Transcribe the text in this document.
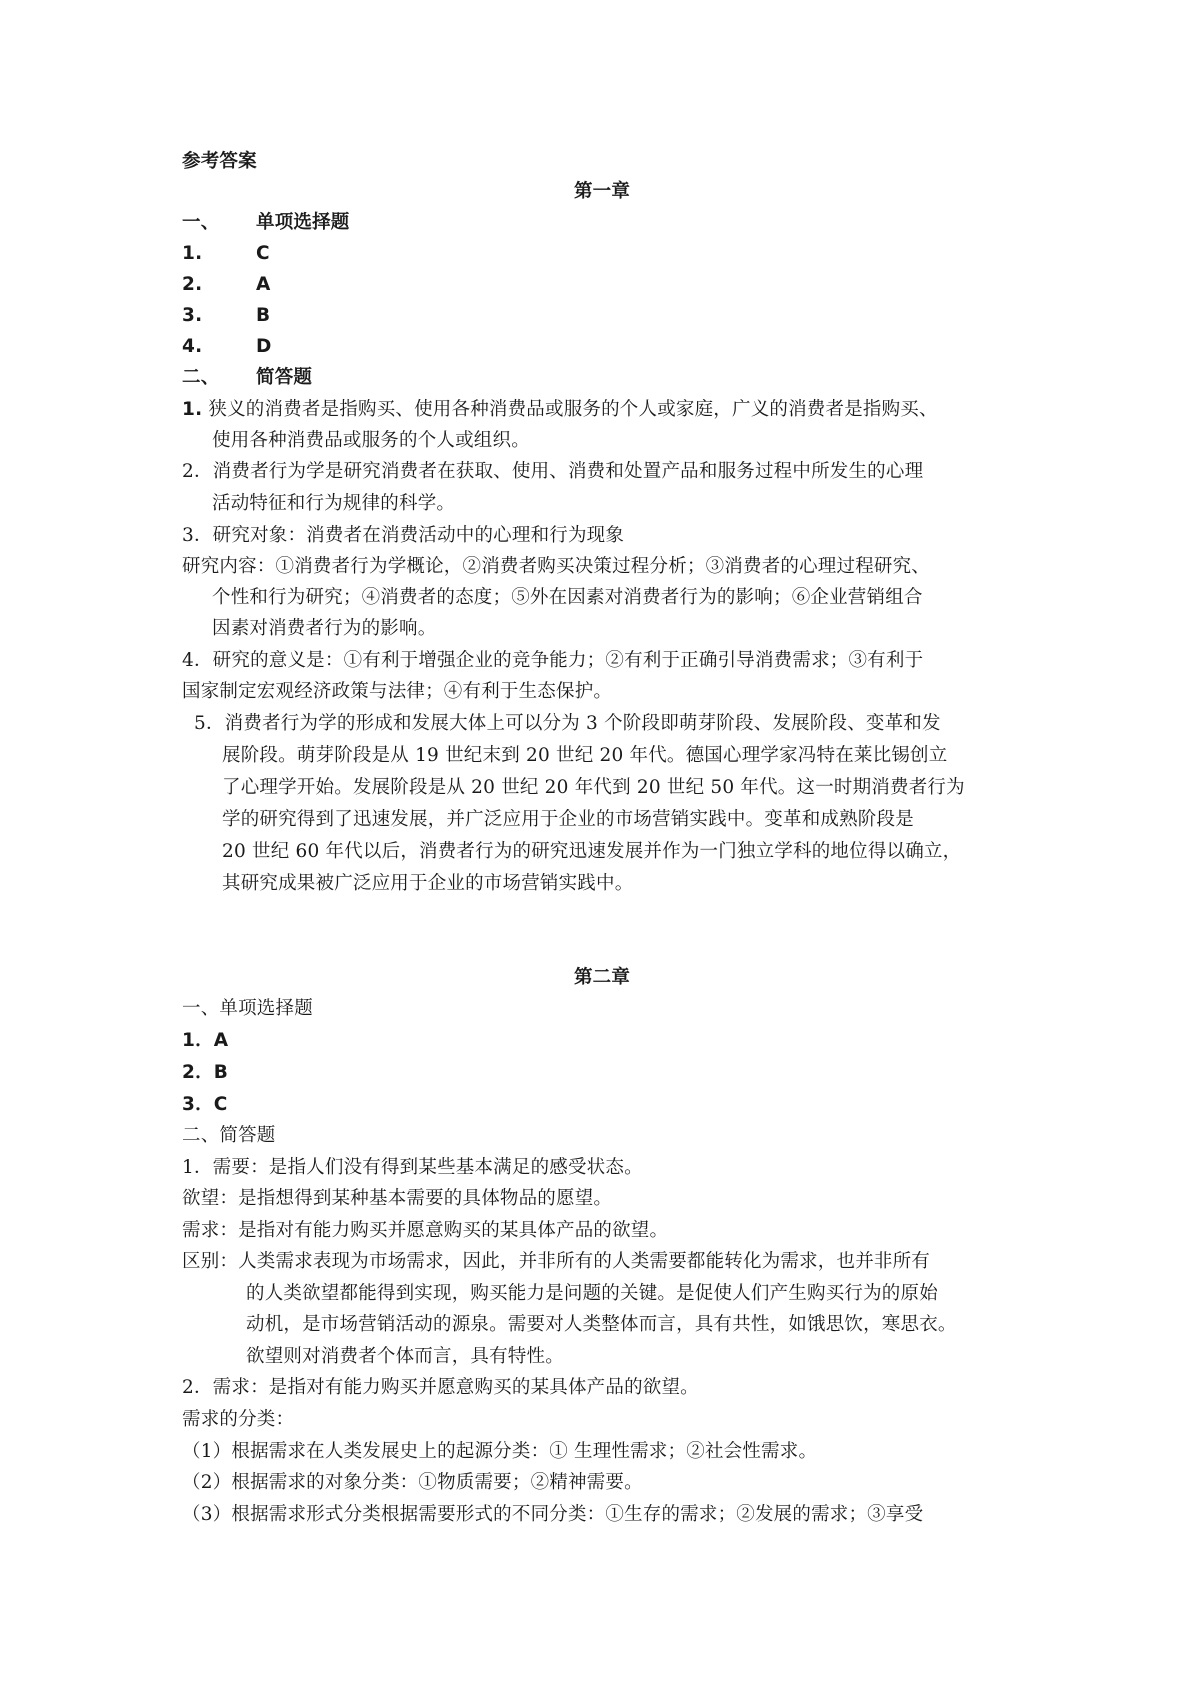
参考答案
第一章
一、 单项选择题
1.	C
2.	A
3.	B
4.	D
二、 简答题
1. 狭义的消费者是指购买、使用各种消费品或服务的个人或家庭，广义的消费者是指购买、
使用各种消费品或服务的个人或组织。
2．消费者行为学是研究消费者在获取、使用、消费和处置产品和服务过程中所发生的心理
活动特征和行为规律的科学。
3．研究对象：消费者在消费活动中的心理和行为现象
研究内容：①消费者行为学概论，②消费者购买决策过程分析；③消费者的心理过程研究、
个性和行为研究；④消费者的态度；⑤外在因素对消费者行为的影响；⑥企业营销组合
因素对消费者行为的影响。
4．研究的意义是：①有利于增强企业的竞争能力；②有利于正确引导消费需求；③有利于
国家制定宏观经济政策与法律；④有利于生态保护。
5．消费者行为学的形成和发展大体上可以分为 3 个阶段即萌芽阶段、发展阶段、变革和发
展阶段。萌芽阶段是从 19 世纪末到 20 世纪 20 年代。德国心理学家冯特在莱比锡创立
了心理学开始。发展阶段是从 20 世纪 20 年代到 20 世纪 50 年代。这一时期消费者行为
学的研究得到了迅速发展，并广泛应用于企业的市场营销实践中。变革和成熟阶段是
20 世纪 60 年代以后，消费者行为的研究迅速发展并作为一门独立学科的地位得以确立，
其研究成果被广泛应用于企业的市场营销实践中。
第二章
一、单项选择题
1．A
2．B
3．C
二、简答题
1．需要：是指人们没有得到某些基本满足的感受状态。
欲望：是指想得到某种基本需要的具体物品的愿望。
需求：是指对有能力购买并愿意购买的某具体产品的欲望。
区别：人类需求表现为市场需求，因此，并非所有的人类需要都能转化为需求，也并非所有
的人类欲望都能得到实现，购买能力是问题的关键。是促使人们产生购买行为的原始
动机，是市场营销活动的源泉。需要对人类整体而言，具有共性，如饿思饮，寒思衣。
欲望则对消费者个体而言，具有特性。
2．需求：是指对有能力购买并愿意购买的某具体产品的欲望。
需求的分类：
（1）根据需求在人类发展史上的起源分类：① 生理性需求；②社会性需求。
（2）根据需求的对象分类：①物质需要；②精神需要。
（3）根据需求形式分类根据需要形式的不同分类：①生存的需求；②发展的需求；③享受
